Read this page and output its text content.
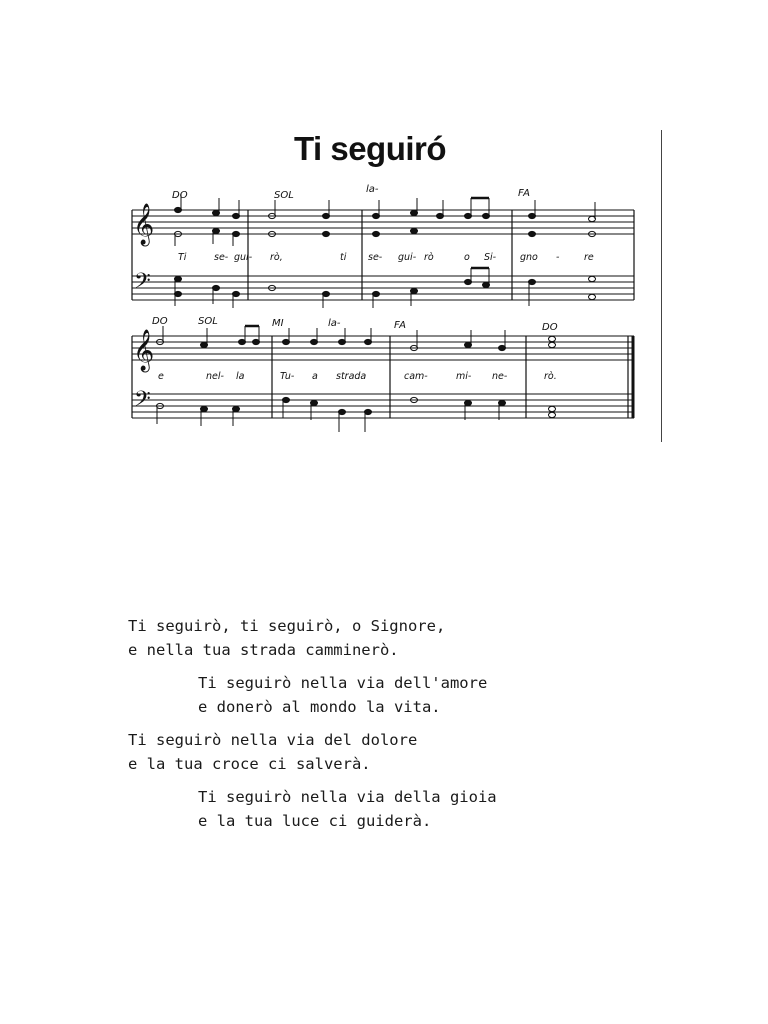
Ti seguiró
𝄞
𝄢
𝄞
𝄢
DO	SOL
la-	FA
Ti	se- gui- rò,	ti se- gui- rò	o Si-	gno -	re
DO	SOL	MI	la-	FA	DO
e	nel- la	Tu- a strada	cam-	mi- ne-	rò.
Ti seguirò, ti seguirò, o Signore,
e nella tua strada camminerò.
Ti seguirò nella via dell'amore
e donerò al mondo la vita.
Ti seguirò nella via del dolore
e la tua croce ci salverà.
Ti seguirò nella via della gioia
e la tua luce ci guiderà.
